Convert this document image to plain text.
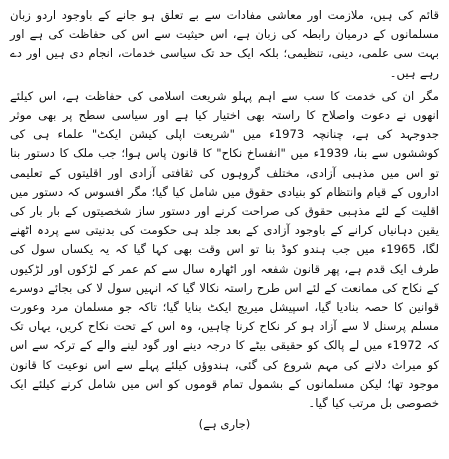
قائم کی ہیں، ملازمت اور معاشی مفادات سے بے تعلق ہو جانے کے باوجود اردو زبان مسلمانوں کے درمیان رابطہ کی زبان ہے، اس حیثیت سے اس کی حفاظت کی ہے اور بہت سی علمی، دینی، تنظیمی؛ بلکہ ایک حد تک سیاسی خدمات، انجام دی ہیں اور دے رہے ہیں۔

مگر ان کی خدمت کا سب سے اہم پہلو شریعت اسلامی کی حفاظت ہے، اس کیلئے انھوں نے دعوت واصلاح کا راستہ بھی اختیار کیا ہے اور سیاسی سطح پر بھی موثر جدوجہد کی ہے، چنانچہ 1973ء میں "شریعت اپلی کیشن ایکٹ" علماء ہی کی کوششوں سے بنا، 1939ء میں "انفساخ نکاح" کا قانون پاس ہوا؛ جب ملک کا دستور بنا تو اس میں مذہبی آزادی، مختلف گروہوں کی ثقافتی آزادی اور اقلیتوں کے تعلیمی اداروں کے قیام وانتظام کو بنیادی حقوق میں شامل کیا گیا؛ مگر افسوس کہ دستور میں اقلیت کے لئے مذہبی حقوق کی صراحت کرنے اور دستور ساز شخصیتوں کے بار بار کی یقین دہانیاں کرانے کے باوجود آزادی کے بعد جلد ہی حکومت کی بدنیتی سے پردہ اٹھنے لگا، 1965ء میں جب ہندو کوڈ بنا تو اس وقت بھی کہا گیا کہ یہ یکساں سول کی طرف ایک قدم ہے، پھر قانون شفعہ اور اٹھارہ سال سے کم عمر کے لڑکوں اور لڑکیوں کے نکاح کی ممانعت کے لئے اس طرح راستہ نکالا گیا کہ انہیں سول لا کی بجائے دوسرے قوانین کا حصہ بنادیا گیا، اسپیشل میریج ایکٹ بنایا گیا؛ تاکہ جو مسلمان مرد وعورت مسلم پرسنل لا سے آزاد ہو کر نکاح کرنا چاہیں، وہ اس کے تحت نکاح کریں، یہاں تک کہ 1972ء میں لے پالک کو حقیقی بیٹے کا درجہ دینے اور گود لینے والے کے ترکہ سے اس کو میراث دلانے کی مہم شروع کی گئی، ہندوؤں کیلئے پہلے سے اس نوعیت کا قانون موجود تھا؛ لیکن مسلمانوں کے بشمول تمام قوموں کو اس میں شامل کرنے کیلئے ایک خصوصی بل مرتب کیا گیا۔

(جاری ہے)
